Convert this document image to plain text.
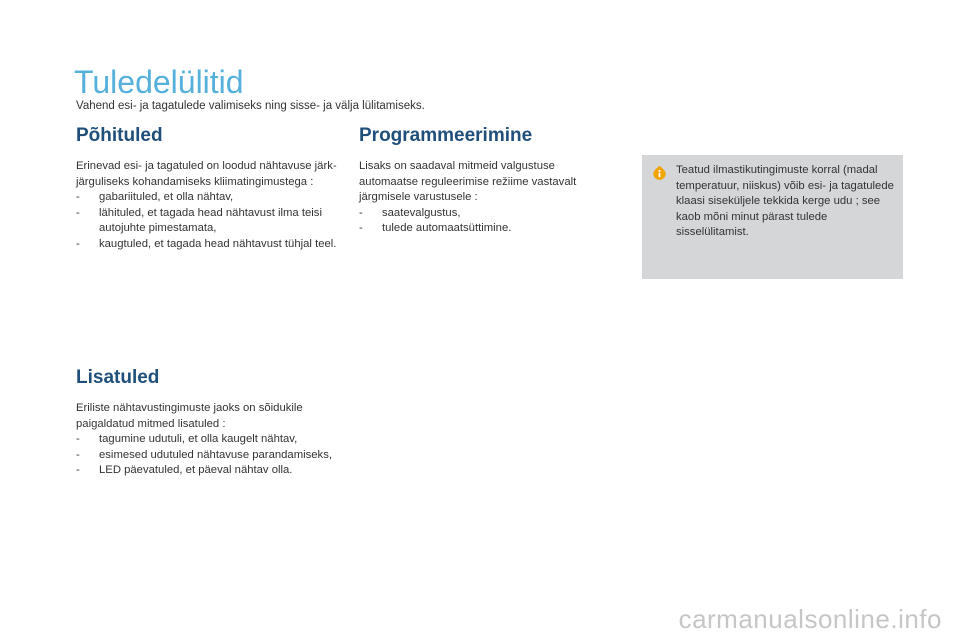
Tuledelülitid
Vahend esi- ja tagatulede valimiseks ning sisse- ja välja lülitamiseks.
Põhituled

Erinevad esi- ja tagatuled on loodud nähtavuse järk-järguliseks kohandamiseks kliimatingimustega :

- gabariituled, et olla nähtav,
- lähituled, et tagada head nähtavust ilma teisi autojuhte pimestamata,
- kaugtuled, et tagada head nähtavust tühjal teel.
Lisatuled

Eriliste nähtavustingimuste jaoks on sõidukile paigaldatud mitmed lisatuled :

- tagumine udutuli, et olla kaugelt nähtav,
- esimesed udutuled nähtavuse parandamiseks,
- LED päevatuled, et päeval nähtav olla.
Programmeerimine

Lisaks on saadaval mitmeid valgustuse automaatse reguleerimise režiime vastavalt järgmisele varustusele :

- saatevalgustus,
- tulede automaatsüttimine.
Teatud ilmastikutingimuste korral (madal temperatuur, niiskus) võib esi- ja tagatulede klaasi siseküljele tekkida kerge udu ; see kaob mõni minut pärast tulede sisselülitamist.
carmanualsonline.info
